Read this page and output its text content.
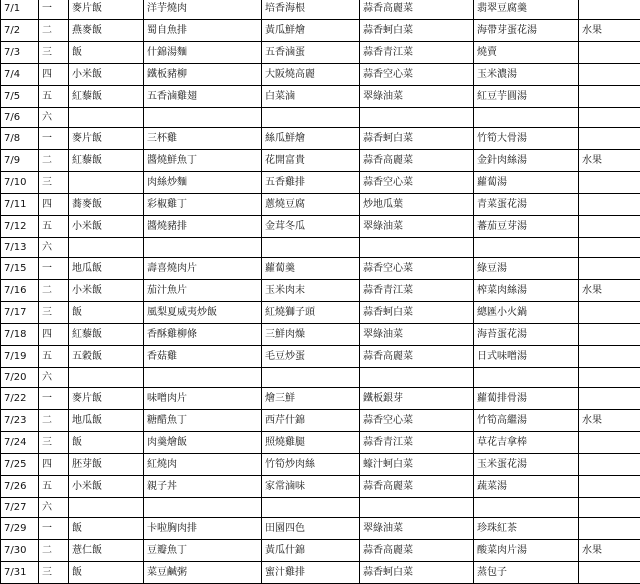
7/1	一	麥片飯	洋芋燒肉	培香海根	蒜香高麗菜	翡翠豆腐羹	
7/2	二	燕麥飯	蜀自魚排	黃瓜鮮燴	蒜香蚵白菜	海帶芽蛋花湯	水果
7/3	三	飯	什錦湯麵	五香滷蛋	蒜香青江菜	燒賣	
7/4	四	小米飯	鐵板豬柳	大阪燒高麗	蒜香空心菜	玉米濃湯	
7/5	五	紅藜飯	五香滷雞翅	白菜滷	翠綠油菜	紅豆芋圓湯	
7/6	六						
7/8	一	麥片飯	三杯雞	絲瓜鮮燴	蒜香蚵白菜	竹筍大骨湯	
7/9	二	紅藜飯	醬燒鮮魚丁	花開富貴	蒜香高麗菜	金針肉絲湯	水果
7/10	三		肉絲炒麵	五香雞排	蒜香空心菜	蘿蔔湯	
7/11	四	蕎麥飯	彩椒雞丁	蔥燒豆腐	炒地瓜葉	青菜蛋花湯	
7/12	五	小米飯	醬燒豬排	金茸冬瓜	翠綠油菜	蕃茄豆芽湯	
7/13	六						
7/15	一	地瓜飯	壽喜燒肉片	蘿蔔羹	蒜香空心菜	綠豆湯	
7/16	二	小米飯	茄汁魚片	玉米肉末	蒜香青江菜	榨菜肉絲湯	水果
7/17	三	飯	風梨夏威夷炒飯	紅燒獅子頭	蒜香蚵白菜	總匯小火鍋	
7/18	四	紅藜飯	香酥雞柳條	三鮮肉燥	翠綠油菜	海苔蛋花湯	
7/19	五	五穀飯	香菇雞	毛豆炒蛋	蒜香高麗菜	日式味噌湯	
7/20	六						
7/22	一	麥片飯	味噌肉片	燴三鮮	鐵板銀芽	蘿蔔排骨湯	
7/23	二	地瓜飯	糖醋魚丁	西芹什錦	蒜香空心菜	竹筍高繼湯	水果
7/24	三	飯	肉羹燴飯	照燒雞腿	蒜香青江菜	草花吉拿棒	
7/25	四	胚芽飯	紅燒肉	竹筍炒肉絲	蠔汁蚵白菜	玉米蛋花湯	
7/26	五	小米飯	親子丼	家常滷味	蒜香高麗菜	蔬菜湯	
7/27	六						
7/29	一	飯	卡啦胸肉排	田園四色	翠綠油菜	珍珠紅茶	
7/30	二	薏仁飯	豆瓣魚丁	黃瓜什錦	蒜香高麗菜	酸菜肉片湯	水果
7/31	三	飯	菜豆鹹粥	蜜汁雞排	蒜香蚵白菜	蒸包子	
